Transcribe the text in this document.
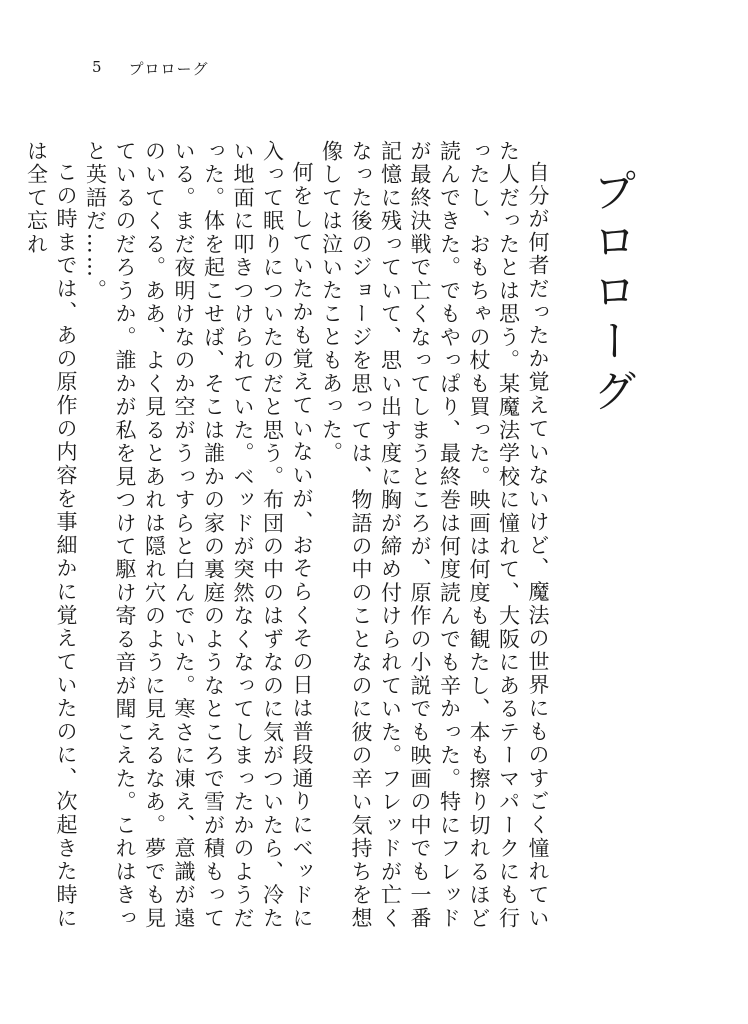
5 プロローグ
プロローグ

自分が何者だったか覚えていないけど、魔法の世界にものすごく憧れていた人だったとは思う。某魔法学校に憧れて、大阪にあるテーマパークにも行ったし、おもちゃの杖も買った。映画は何度も観たし、本も擦り切れるほど読んできた。でもやっぱり、最終巻は何度読んでも辛かった。特にフレッドが最終決戦で亡くなってしまうところが、原作の小説でも映画の中でも一番記憶に残っていて、思い出す度に胸が締め付けられていた。フレッドが亡くなった後のジョージを思っては、物語の中のことなのに彼の辛い気持ちを想像しては泣いたこともあった。

何をしていたかも覚えていないが、おそらくその日は普段通りにベッドに入って眠りについたのだと思う。布団の中のはずなのに気がついたら、冷たい地面に叩きつけられていた。ベッドが突然なくなってしまったかのようだった。体を起こせば、そこは誰かの家の裏庭のようなところで雪が積もっている。まだ夜明けなのか空がうっすらと白んでいた。寒さに凍え、意識が遠のいてくる。ああ、よく見るとあれは隠れ穴のように見えるなあ。夢でも見ているのだろうか。誰かが私を見つけて駆け寄る音が聞こえた。これはきっと英語だ……。

この時までは、あの原作の内容を事細かに覚えていたのに、次起きた時には全て忘れ
